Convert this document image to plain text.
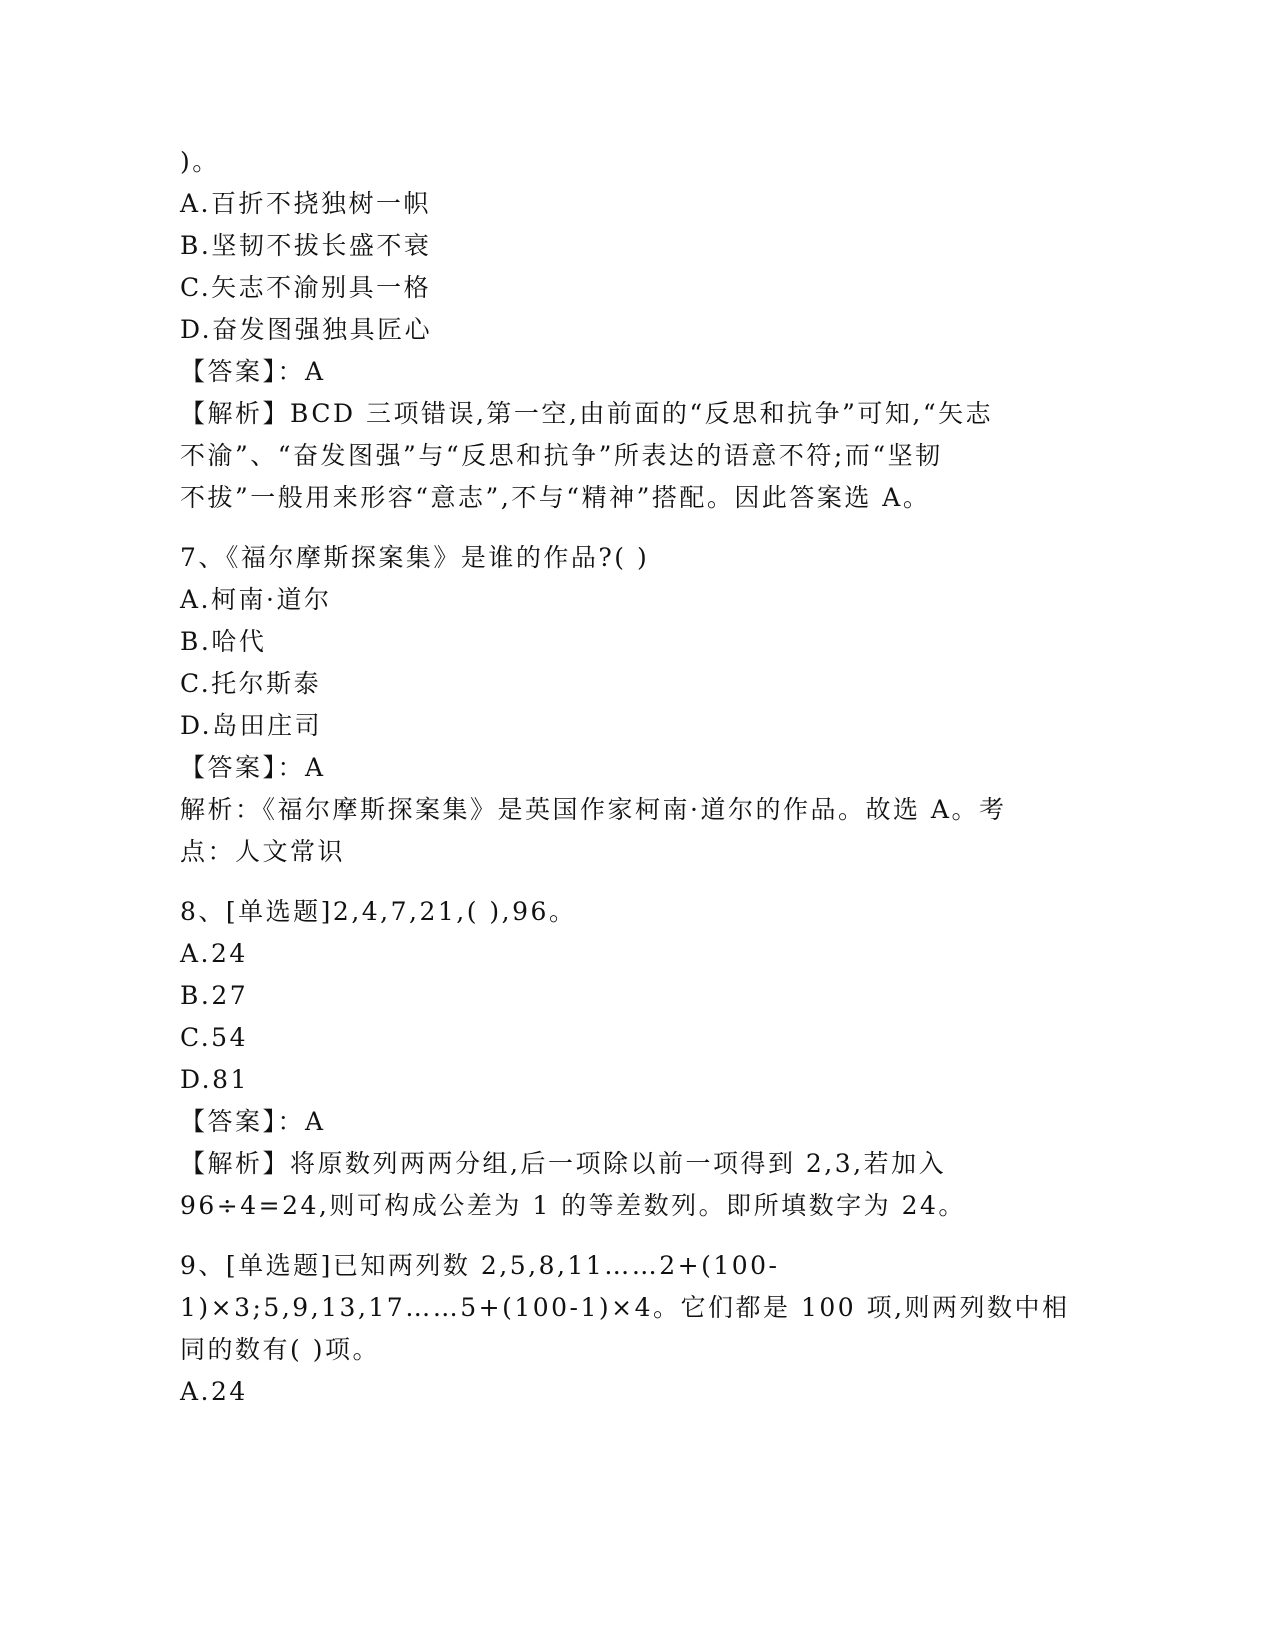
)。
A.百折不挠独树一帜
B.坚韧不拔长盛不衰
C.矢志不渝别具一格
D.奋发图强独具匠心
【答案】：A
【解析】BCD 三项错误,第一空,由前面的“反思和抗争”可知,“矢志
不渝”、“奋发图强”与“反思和抗争”所表达的语意不符;而“坚韧
不拔”一般用来形容“意志”,不与“精神”搭配。因此答案选 A。
7、《福尔摩斯探案集》是谁的作品?( )
A.柯南·道尔
B.哈代
C.托尔斯泰
D.岛田庄司
【答案】：A
解析：《福尔摩斯探案集》是英国作家柯南·道尔的作品。故选 A。考
点：人文常识
8、[单选题]2,4,7,21,( ),96。
A.24
B.27
C.54
D.81
【答案】：A
【解析】将原数列两两分组,后一项除以前一项得到 2,3,若加入
96÷4=24,则可构成公差为 1 的等差数列。即所填数字为 24。
9、[单选题]已知两列数 2,5,8,11……2+(100-
1)×3;5,9,13,17……5+(100-1)×4。它们都是 100 项,则两列数中相
同的数有( )项。
A.24
